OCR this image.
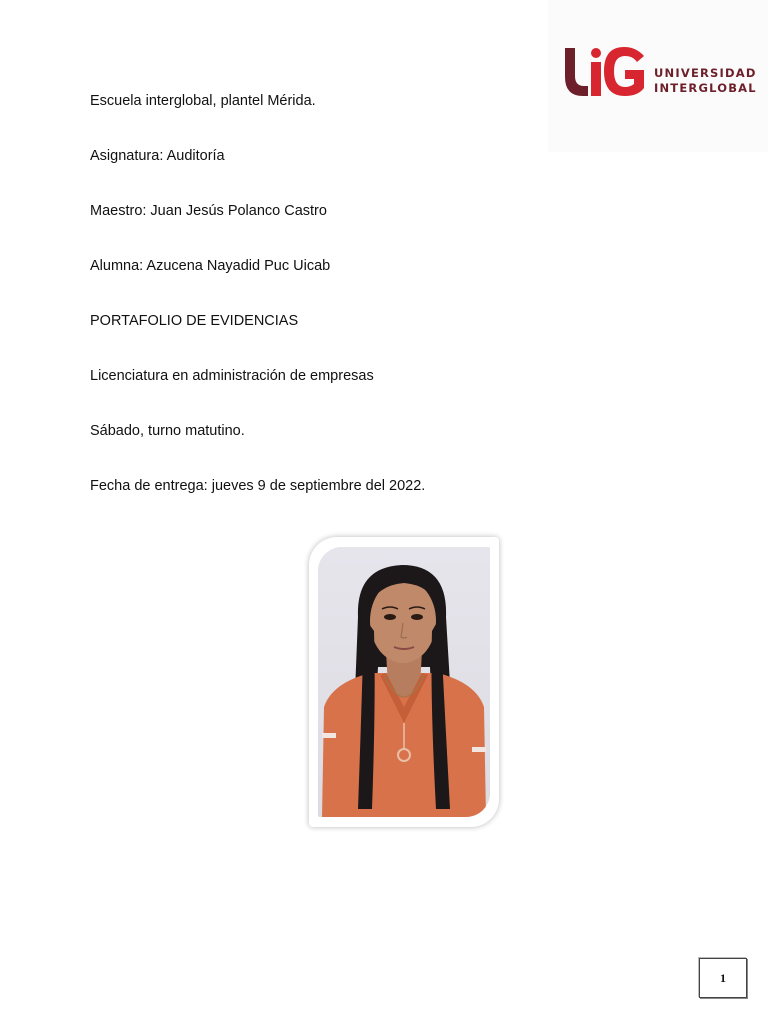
UNIVERSIDAD
INTERGLOBAL
Escuela interglobal, plantel Mérida.
Asignatura: Auditoría
Maestro: Juan Jesús Polanco Castro
Alumna: Azucena Nayadid Puc Uicab
PORTAFOLIO DE EVIDENCIAS
Licenciatura en administración de empresas
Sábado, turno matutino.
Fecha de entrega: jueves 9 de septiembre del 2022.
1
